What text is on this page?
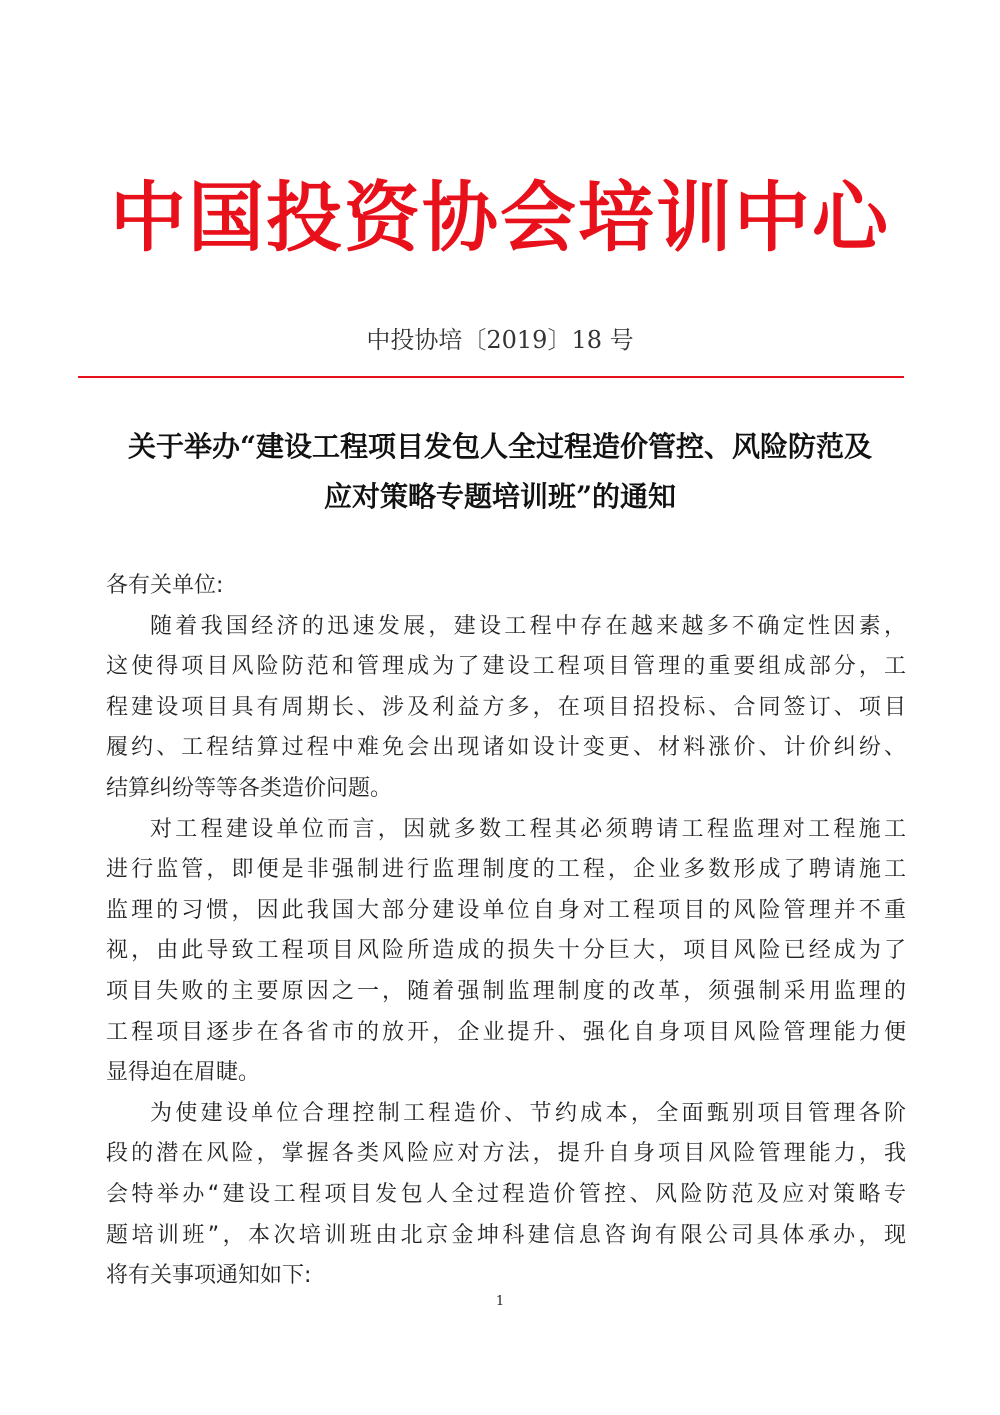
中国投资协会培训中心
中投协培〔2019〕18 号
关于举办“建设工程项目发包人全过程造价管控、风险防范及
应对策略专题培训班”的通知

各有关单位:

随着我国经济的迅速发展，建设工程中存在越来越多不确定性因素，
这使得项目风险防范和管理成为了建设工程项目管理的重要组成部分，工
程建设项目具有周期长、涉及利益方多，在项目招投标、合同签订、项目
履约、工程结算过程中难免会出现诸如设计变更、材料涨价、计价纠纷、
结算纠纷等等各类造价问题。

对工程建设单位而言，因就多数工程其必须聘请工程监理对工程施工
进行监管，即便是非强制进行监理制度的工程，企业多数形成了聘请施工
监理的习惯，因此我国大部分建设单位自身对工程项目的风险管理并不重
视，由此导致工程项目风险所造成的损失十分巨大，项目风险已经成为了
项目失败的主要原因之一，随着强制监理制度的改革，须强制采用监理的
工程项目逐步在各省市的放开，企业提升、强化自身项目风险管理能力便
显得迫在眉睫。

为使建设单位合理控制工程造价、节约成本，全面甄别项目管理各阶
段的潜在风险，掌握各类风险应对方法，提升自身项目风险管理能力，我
会特举办“建设工程项目发包人全过程造价管控、风险防范及应对策略专
题培训班”，本次培训班由北京金坤科建信息咨询有限公司具体承办，现
将有关事项通知如下:

1
